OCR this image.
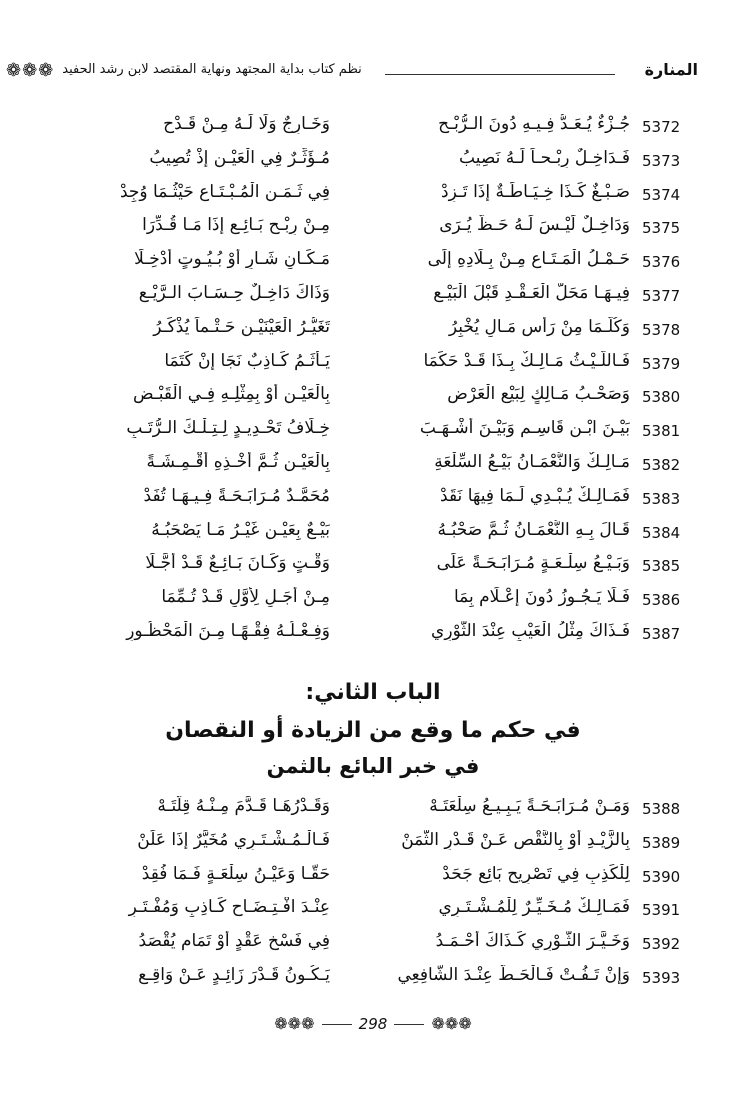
❁❁❁ نظم كتاب بداية المجتهد ونهاية المقتصد لابن رشد الحفيد	المنارة
5372
جُـزْءٌ يُـعَـدُّ فِـيـهِ دُونَ الـرُّبْـحِ
وَخَـارِجٌ وَلَا لَـهُ مِـنْ قَـدْحِ
5373
فَـدَاخِـلٌ رِبْـحـاً لَـهُ نَصِيبُ
مُـؤَثِّـرٌ فِي الْعَيْـنِ إِذْ تُصِيبُ
5374
صَـبْـغٌ كَـذَا خِـيَـاطَـةٌ إِذَا تَـزِدْ
فِي ثَـمَـنِ الْمُـبْـتَـاعِ حَيْثُـمَا وُجِدْ
5375
وَدَاخِـلٌ لَيْـسَ لَـهُ حَـظٌّ يُـرَى
مِـنْ رِبْـحِ بَـائِـعٍ إِذَا مَـا قُـدِّرَا
5376
حَـمْـلُ الْمَـتَـاعِ مِـنْ بِـلَادِهِ إِلَى
مَـكَـانٍ شَـارٍ أَوْ بُـيُـوتٍ أُدْخِـلَا
5377
فِيـهَـا مَحَلُّ الْعَـقْـدِ قَبْلَ الْبَيْـعِ
وَذَاكَ دَاخِـلٌ حِـسَـابَ الـرَّيْـعِ
5378
وَكُلُّـمَا مِنْ رَأْسِ مَـالٍ يُخْبِرُ
تَغَيُّـرُ الْعَيْنَيْـنِ حَـتْـماً يُذْكَـرُ
5379
فَـاللَّـيْـثُ مَـالِـكٌ بِـذَا قَـدْ حَكَمَا
يَـأْثَـمُ كَـاذِبٌ نَجَا إِنْ كَتَمَا
5380
وَصَحْـبُ مَـالِكٍ لِبَيْعِ الْعَرْضِ
بِالْعَيْـنِ أَوْ بِمِثْلِـهِ فِـي الْقَبْـضِ
5381
بَيْـنَ ابْـنِ قَاسِـمٍ وَبَيْـنَ أَشْـهَـبَ
خِـلَافُ تَحْـدِيـدٍ لِـتِـلْـكَ الـرُّتَـبِ
5382
مَـالِـكٌ وَالنُّعْمَـانُ بَيْـعُ السِّلْعَةِ
بِالْعَيْـنِ ثُـمَّ أَخْـذِهِ أَقْـمِـشَـةً
5383
فَمَـالِـكٌ يُـبْـدِي لَـمَا فِيهَا نَقَدْ
مُحَمَّـدٌ مُـرَابَـحَـةً فِـيـهَـا تُفَدْ
5384
قَـالَ بِـهِ النُّعْمَـانُ ثُـمَّ صَحْبُـهُ
بَيْـعٌ بِعَيْـنٍ غَيْـرُ مَـا يَصْحَبُـهُ
5385
وَبَـيْـعُ سِلْـعَـةٍ مُـرَابَـحَـةً عَلَى
وَقْـتٍ وَكَـانَ بَـائِـعٌ قَـدْ أَجَّـلَا
5386
فَـلَا يَـجُـوزُ دُونَ إِعْـلَامٍ بِمَا
مِـنْ أَجَـلٍ لِأَوَّلٍ قَـدْ تُـمِّمَا
5387
فَـذَاكَ مِثْلُ الْعَيْبِ عِنْدَ الثَّوْرِي
وَفِـعْـلُـهُ فِقْـهًـا مِـنَ الْمَحْظُـورِ
الباب الثاني:
في حكم ما وقع من الزيادة أو النقصان
في خبر البائع بالثمن
5388
وَمَـنْ مُـرَابَـحَـةً يَـبِـيـعُ سِلْعَتَـهْ
وَقَـدْرُهَـا قَـدَّمَ مِـنْـهُ قِلَّتَـهْ
5389
بِالزَّيْـدِ أَوْ بِالنَّقْصِ عَـنْ قَـدْرِ الثَّمَنْ
فَـالْـمُـشْـتَـرِي مُخَيَّرٌ إِذَا عَلَنْ
5390
لِلْكَذِبِ فِي تَصْرِيحِ بَائِعٍ جَحَدْ
حَقًّـا وَعَيْـنُ سِلْعَـةٍ فَـمَا فُقِدْ
5391
فَمَـالِـكٌ مُـخَـيِّـرٌ لِلْمُـشْـتَـرِي
عِنْـدَ افْـتِـضَـاحِ كَـاذِبٍ وَمُفْـتَـرِ
5392
وَخَـيَّـرَ الثَّـوْرِي كَـذَاكَ أَحْـمَـدُ
فِي فَسْخِ عَقْدٍ أَوْ تَمَامٍ يُقْصَدُ
5393
وَإِنْ تَـفُـتْ فَـالْحَـطُّ عِنْـدَ الشَّافِعِي
يَـكُـونُ قَـدْرَ زَائِـدٍ عَـنْ وَاقِـعِ
❁❁❁	298	❁❁❁
